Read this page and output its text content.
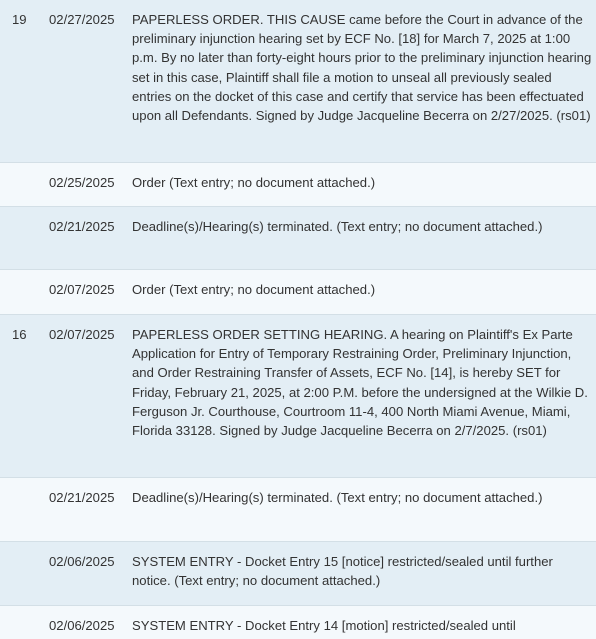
19	02/27/2025	PAPERLESS ORDER. THIS CAUSE came before the Court in advance of the preliminary injunction hearing set by ECF No. [18] for March 7, 2025 at 1:00 p.m. By no later than forty-eight hours prior to the preliminary injunction hearing set in this case, Plaintiff shall file a motion to unseal all previously sealed entries on the docket of this case and certify that service has been effectuated upon all Defendants. Signed by Judge Jacqueline Becerra on 2/27/2025. (rs01)
02/25/2025	Order (Text entry; no document attached.)
02/21/2025	Deadline(s)/Hearing(s) terminated. (Text entry; no document attached.)
02/07/2025	Order (Text entry; no document attached.)
16	02/07/2025	PAPERLESS ORDER SETTING HEARING. A hearing on Plaintiff's Ex Parte Application for Entry of Temporary Restraining Order, Preliminary Injunction, and Order Restraining Transfer of Assets, ECF No. [14], is hereby SET for Friday, February 21, 2025, at 2:00 P.M. before the undersigned at the Wilkie D. Ferguson Jr. Courthouse, Courtroom 11-4, 400 North Miami Avenue, Miami, Florida 33128. Signed by Judge Jacqueline Becerra on 2/7/2025. (rs01)
02/21/2025	Deadline(s)/Hearing(s) terminated. (Text entry; no document attached.)
02/06/2025	SYSTEM ENTRY - Docket Entry 15 [notice] restricted/sealed until further notice. (Text entry; no document attached.)
02/06/2025	SYSTEM ENTRY - Docket Entry 14 [motion] restricted/sealed until
